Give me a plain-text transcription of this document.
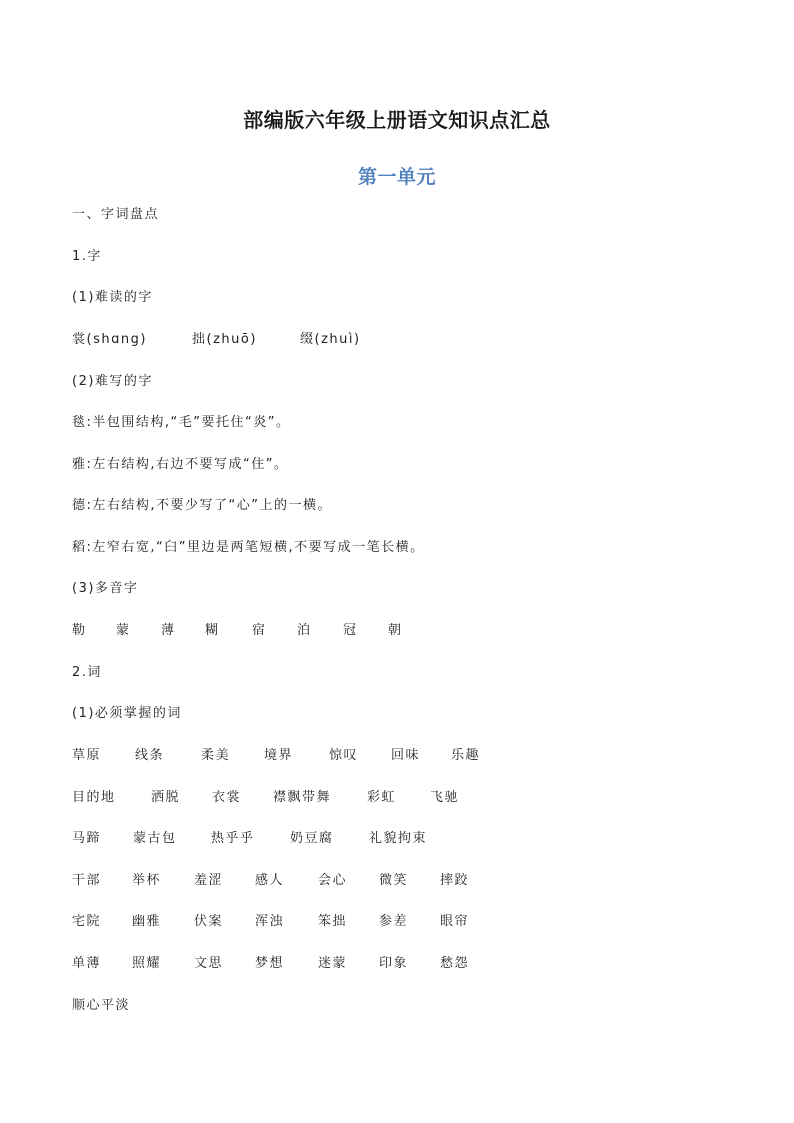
部编版六年级上册语文知识点汇总
第一单元
一、字词盘点
1.字
(1)难读的字
裳(shɑng)	拙(zhuō)	缀(zhuì)
(2)难写的字
毯:半包围结构,“毛”要托住“炎”。
雅:左右结构,右边不要写成“住”。
德:左右结构,不要少写了“心”上的一横。
稻:左窄右宽,“臼”里边是两笔短横,不要写成一笔长横。
(3)多音字
勒 蒙 薄 糊 宿 泊 冠 朝
2.词
(1)必须掌握的词
草原	线条	柔美	境界	惊叹	回味 乐趣
目的地	洒脱 衣裳 襟飘带舞	彩虹	飞驰
马蹄 蒙古包	热乎乎	奶豆腐	礼貌拘束
干部 举杯	羞涩 感人	会心 微笑 摔跤
宅院 幽雅	伏案 浑浊	笨拙 参差 眼帘
单薄 照耀	文思 梦想	迷蒙 印象 愁怨
顺心平淡
